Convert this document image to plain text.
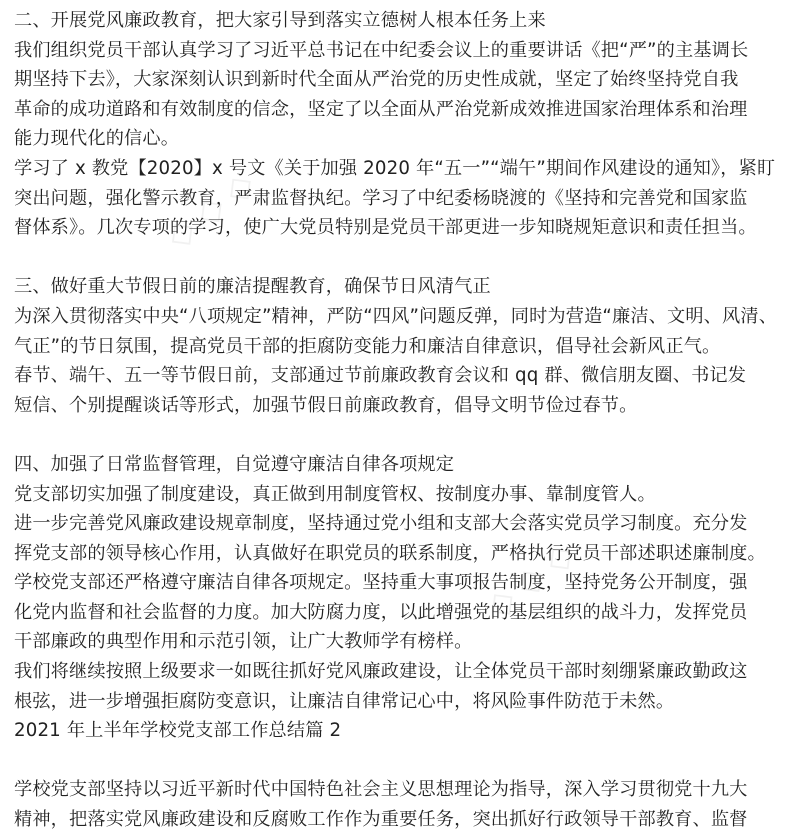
◇ ◇ ◇
◇ ◇ ◇
二、开展党风廉政教育，把大家引导到落实立德树人根本任务上来
我们组织党员干部认真学习了习近平总书记在中纪委会议上的重要讲话《把“严”的主基调长
期坚持下去》，大家深刻认识到新时代全面从严治党的历史性成就，坚定了始终坚持党自我
革命的成功道路和有效制度的信念，坚定了以全面从严治党新成效推进国家治理体系和治理
能力现代化的信心。
学习了 x 教党【2020】x 号文《关于加强 2020 年“五一”“端午”期间作风建设的通知》，紧盯
突出问题，强化警示教育，严肃监督执纪。学习了中纪委杨晓渡的《坚持和完善党和国家监
督体系》。几次专项的学习，使广大党员特别是党员干部更进一步知晓规矩意识和责任担当。
三、做好重大节假日前的廉洁提醒教育，确保节日风清气正
为深入贯彻落实中央“八项规定”精神，严防“四风”问题反弹，同时为营造“廉洁、文明、风清、
气正”的节日氛围，提高党员干部的拒腐防变能力和廉洁自律意识，倡导社会新风正气。
春节、端午、五一等节假日前，支部通过节前廉政教育会议和 qq 群、微信朋友圈、书记发
短信、个别提醒谈话等形式，加强节假日前廉政教育，倡导文明节俭过春节。
四、加强了日常监督管理，自觉遵守廉洁自律各项规定
党支部切实加强了制度建设，真正做到用制度管权、按制度办事、靠制度管人。
进一步完善党风廉政建设规章制度，坚持通过党小组和支部大会落实党员学习制度。充分发
挥党支部的领导核心作用，认真做好在职党员的联系制度，严格执行党员干部述职述廉制度。
学校党支部还严格遵守廉洁自律各项规定。坚持重大事项报告制度，坚持党务公开制度，强
化党内监督和社会监督的力度。加大防腐力度，以此增强党的基层组织的战斗力，发挥党员
干部廉政的典型作用和示范引领，让广大教师学有榜样。
我们将继续按照上级要求一如既往抓好党风廉政建设，让全体党员干部时刻绷紧廉政勤政这
根弦，进一步增强拒腐防变意识，让廉洁自律常记心中，将风险事件防范于未然。
2021 年上半年学校党支部工作总结篇 2
学校党支部坚持以习近平新时代中国特色社会主义思想理论为指导，深入学习贯彻党十九大
精神，把落实党风廉政建设和反腐败工作作为重要任务，突出抓好行政领导干部教育、监督
